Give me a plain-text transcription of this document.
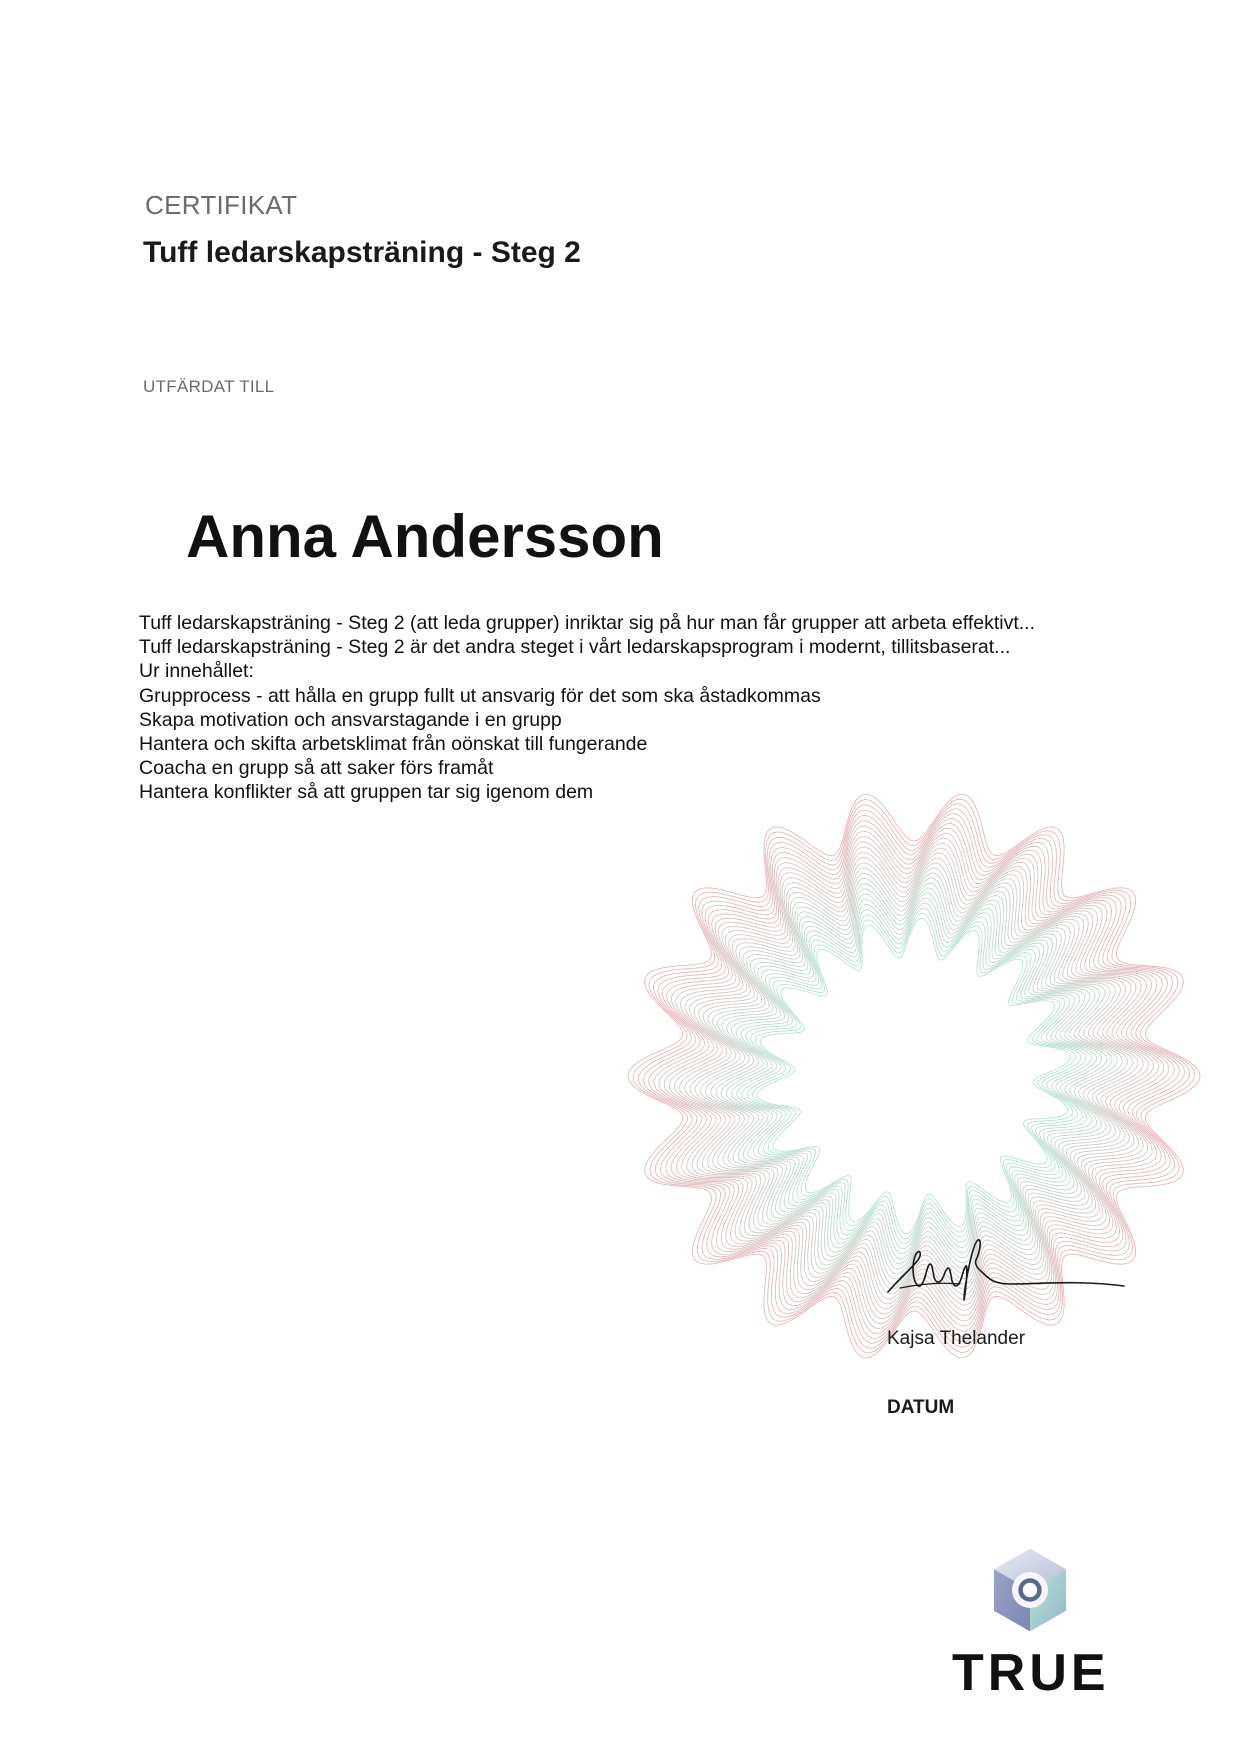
CERTIFIKAT
Tuff ledarskapsträning - Steg 2
UTFÄRDAT TILL
Anna Andersson
Tuff ledarskapsträning - Steg 2 (att leda grupper) inriktar sig på hur man får grupper att arbeta effektivt...
Tuff ledarskapsträning - Steg 2 är det andra steget i vårt ledarskapsprogram i modernt, tillitsbaserat...
Ur innehållet:
Grupprocess - att hålla en grupp fullt ut ansvarig för det som ska åstadkommas
Skapa motivation och ansvarstagande i en grupp
Hantera och skifta arbetsklimat från oönskat till fungerande
Coacha en grupp så att saker förs framåt
Hantera konflikter så att gruppen tar sig igenom dem
Kajsa Thelander
DATUM
TRUE
